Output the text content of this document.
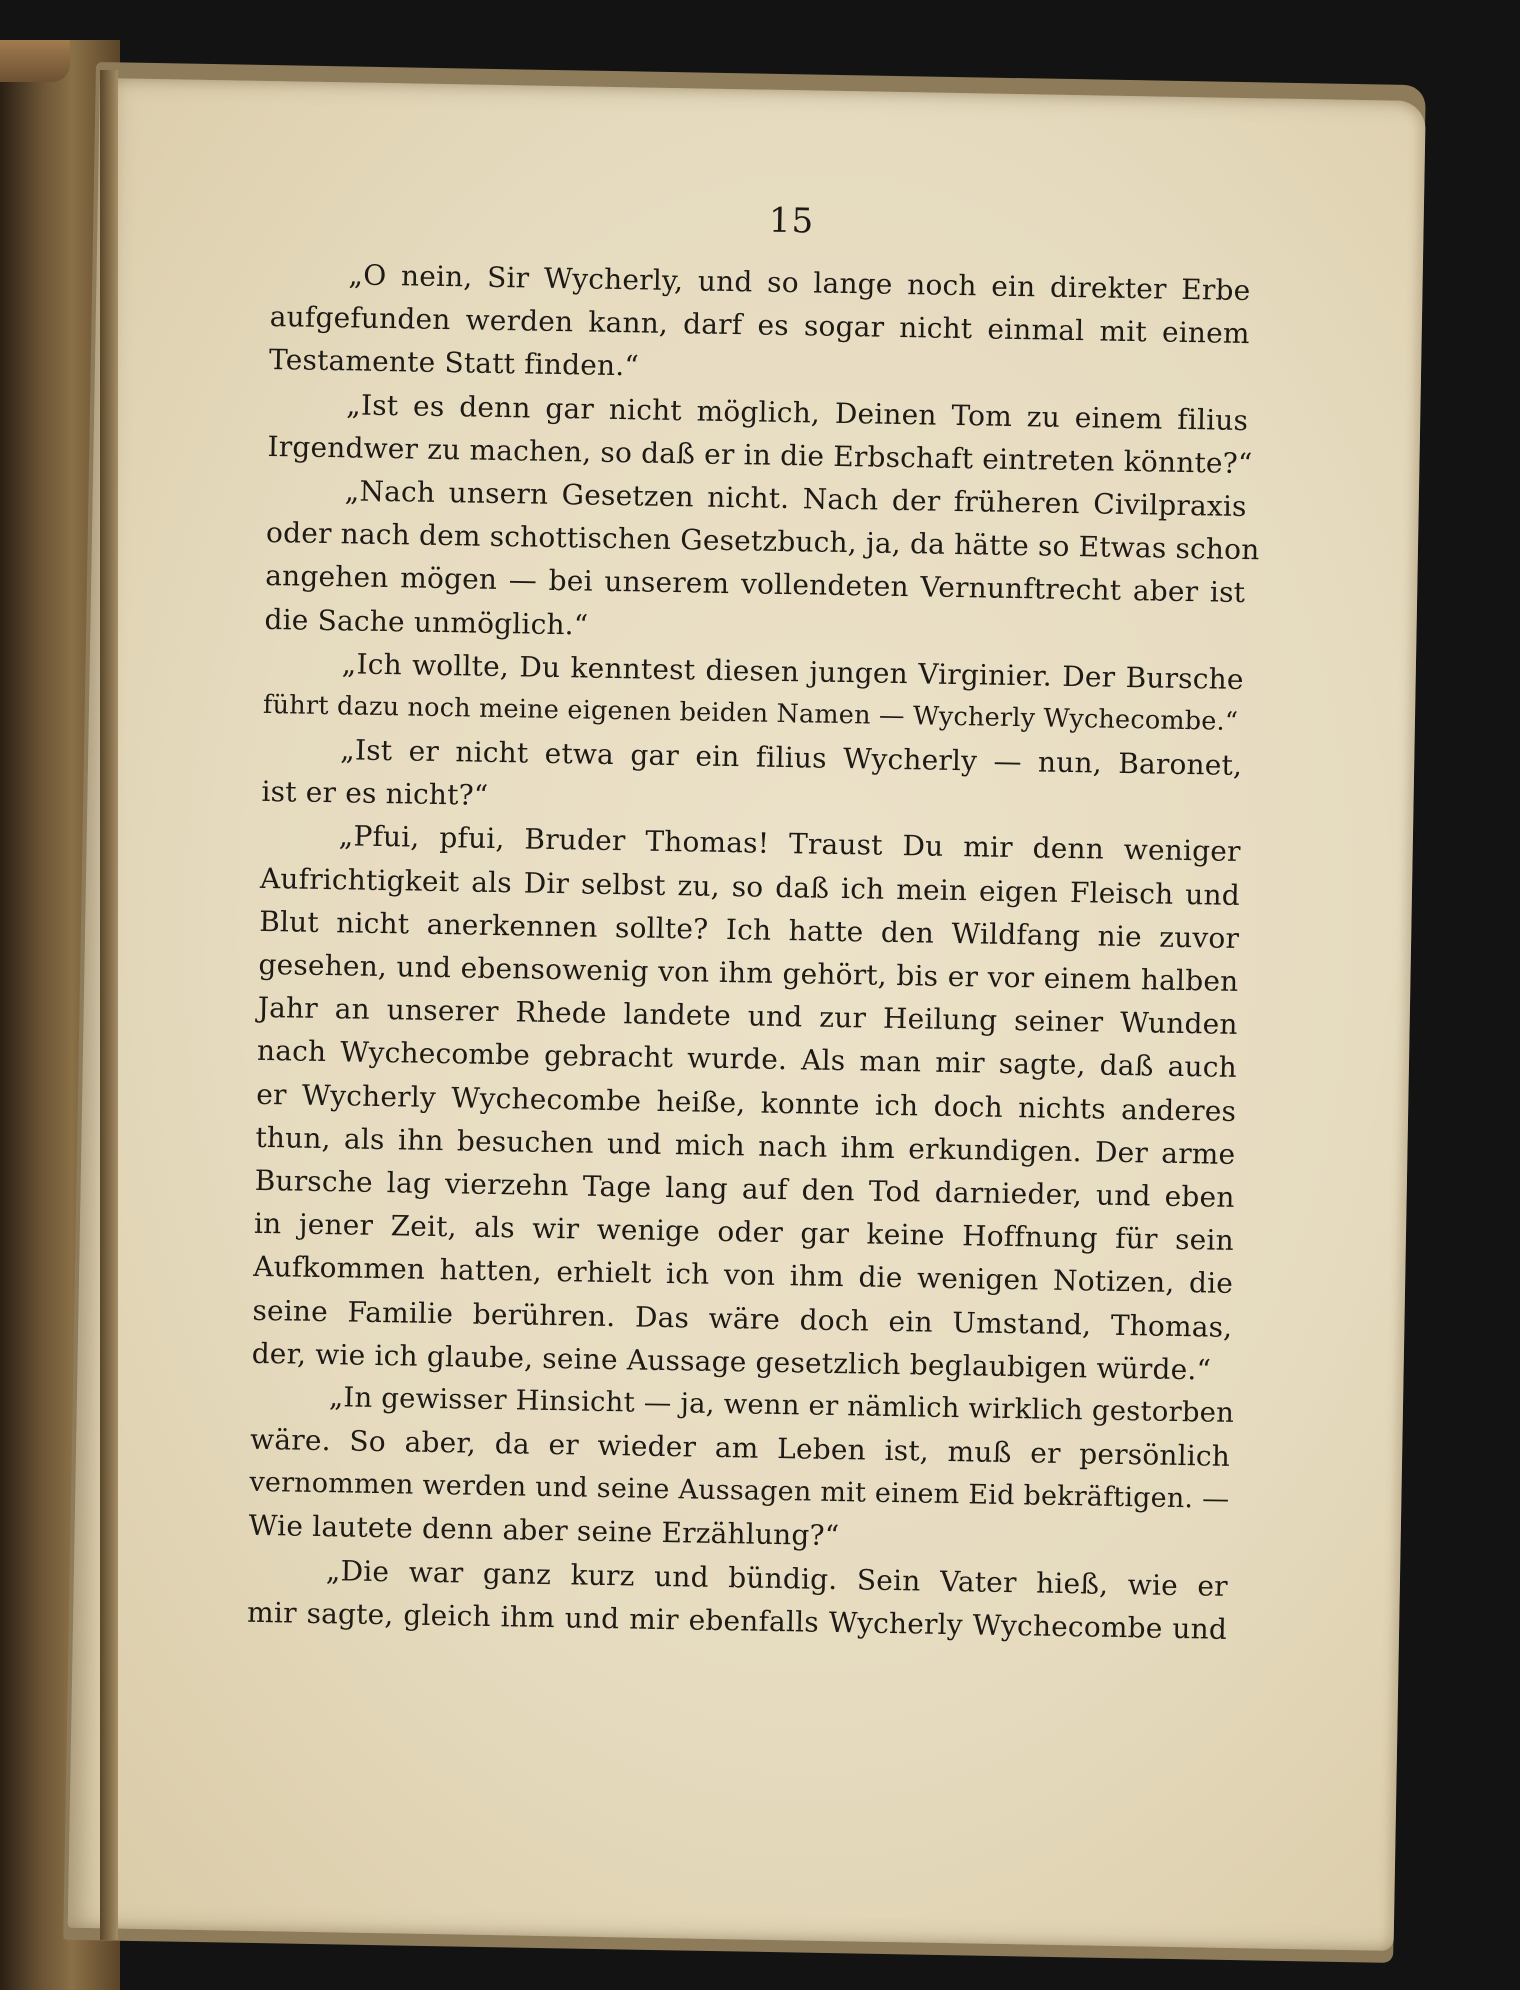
15
„O nein, Sir Wycherly, und so lange noch ein direkter Erbe
aufgefunden werden kann, darf es sogar nicht einmal mit einem
Testamente Statt finden.“
„Ist es denn gar nicht möglich, Deinen Tom zu einem filius
Irgendwer zu machen, so daß er in die Erbschaft eintreten könnte?“
„Nach unsern Gesetzen nicht. Nach der früheren Civilpraxis
oder nach dem schottischen Gesetzbuch, ja, da hätte so Etwas schon
angehen mögen — bei unserem vollendeten Vernunftrecht aber ist
die Sache unmöglich.“
„Ich wollte, Du kenntest diesen jungen Virginier. Der Bursche
führt dazu noch meine eigenen beiden Namen — Wycherly Wychecombe.“
„Ist er nicht etwa gar ein filius Wycherly — nun, Baronet,
ist er es nicht?“
„Pfui, pfui, Bruder Thomas! Traust Du mir denn weniger
Aufrichtigkeit als Dir selbst zu, so daß ich mein eigen Fleisch und
Blut nicht anerkennen sollte? Ich hatte den Wildfang nie zuvor
gesehen, und ebensowenig von ihm gehört, bis er vor einem halben
Jahr an unserer Rhede landete und zur Heilung seiner Wunden
nach Wychecombe gebracht wurde. Als man mir sagte, daß auch
er Wycherly Wychecombe heiße, konnte ich doch nichts anderes
thun, als ihn besuchen und mich nach ihm erkundigen. Der arme
Bursche lag vierzehn Tage lang auf den Tod darnieder, und eben
in jener Zeit, als wir wenige oder gar keine Hoffnung für sein
Aufkommen hatten, erhielt ich von ihm die wenigen Notizen, die
seine Familie berühren. Das wäre doch ein Umstand, Thomas,
der, wie ich glaube, seine Aussage gesetzlich beglaubigen würde.“
„In gewisser Hinsicht — ja, wenn er nämlich wirklich gestorben
wäre. So aber, da er wieder am Leben ist, muß er persönlich
vernommen werden und seine Aussagen mit einem Eid bekräftigen. —
Wie lautete denn aber seine Erzählung?“
„Die war ganz kurz und bündig. Sein Vater hieß, wie er
mir sagte, gleich ihm und mir ebenfalls Wycherly Wychecombe und
